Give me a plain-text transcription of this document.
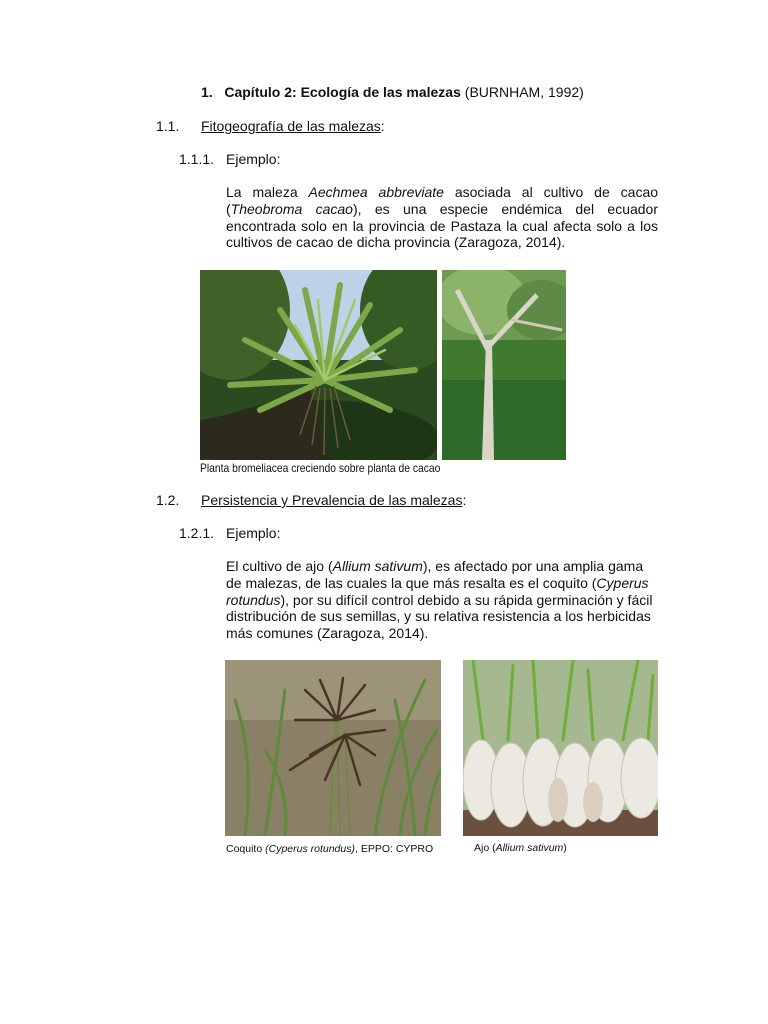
1. Capítulo 2: Ecología de las malezas (BURNHAM, 1992)
1.1. Fitogeografía de las malezas:
1.1.1. Ejemplo:
La maleza Aechmea abbreviate asociada al cultivo de cacao (Theobroma cacao), es una especie endémica del ecuador encontrada solo en la provincia de Pastaza la cual afecta solo a los cultivos de cacao de dicha provincia (Zaragoza, 2014).
Planta bromeliacea creciendo sobre planta de cacao
1.2. Persistencia y Prevalencia de las malezas:
1.2.1. Ejemplo:
El cultivo de ajo (Allium sativum), es afectado por una amplia gama de malezas, de las cuales la que más resalta es el coquito (Cyperus rotundus), por su difícil control debido a su rápida germinación y fácil distribución de sus semillas, y su relativa resistencia a los herbicidas más comunes (Zaragoza, 2014).
Coquito (Cyperus rotundus), EPPO: CYPRO	Ajo (Allium sativum)
